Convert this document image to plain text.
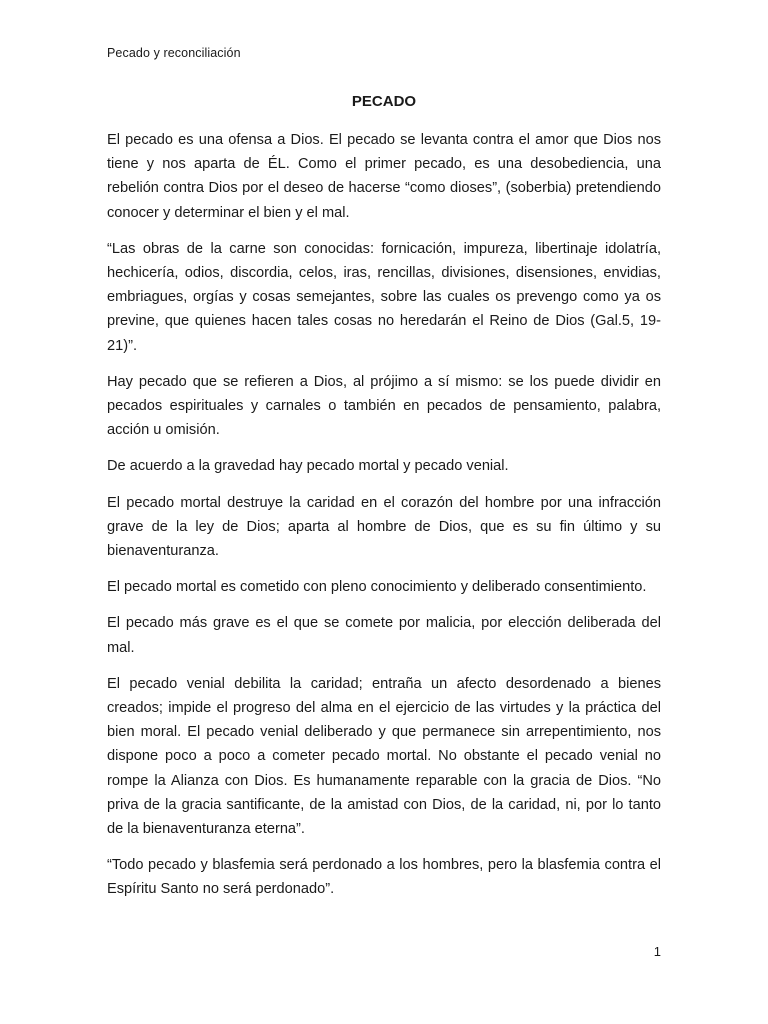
Pecado y reconciliación
PECADO

El pecado es una ofensa a Dios. El pecado se levanta contra el amor que Dios nos tiene y nos aparta de ÉL. Como el primer pecado, es una desobediencia, una rebelión contra Dios por el deseo de hacerse “como dioses”, (soberbia) pretendiendo conocer y determinar el bien y el mal.

“Las obras de la carne son conocidas: fornicación, impureza, libertinaje idolatría, hechicería, odios, discordia, celos, iras, rencillas, divisiones, disensiones, envidias, embriagues, orgías y cosas semejantes, sobre las cuales os prevengo como ya os previne, que quienes hacen tales cosas no heredarán el Reino de Dios (Gal.5, 19-21)”.

Hay pecado que se refieren a Dios, al prójimo a sí mismo: se los puede dividir en pecados espirituales y carnales o también en pecados de pensamiento, palabra, acción u omisión.

De acuerdo a la gravedad hay pecado mortal y pecado venial.

El pecado mortal destruye la caridad en el corazón del hombre por una infracción grave de la ley de Dios; aparta al hombre de Dios, que es su fin último y su bienaventuranza.

El pecado mortal es cometido con pleno conocimiento y deliberado consentimiento.

El pecado más grave es el que se comete por malicia, por elección deliberada del mal.

El pecado venial debilita la caridad; entraña un afecto desordenado a bienes creados; impide el progreso del alma en el ejercicio de las virtudes y la práctica del bien moral. El pecado venial deliberado y que permanece sin arrepentimiento, nos dispone poco a poco a cometer pecado mortal. No obstante el pecado venial no rompe la Alianza con Dios. Es humanamente reparable con la gracia de Dios. “No priva de la gracia santificante, de la amistad con Dios, de la caridad, ni, por lo tanto de la bienaventuranza eterna”.

“Todo pecado y blasfemia será perdonado a los hombres, pero la blasfemia contra el Espíritu Santo no será perdonado”.

1
